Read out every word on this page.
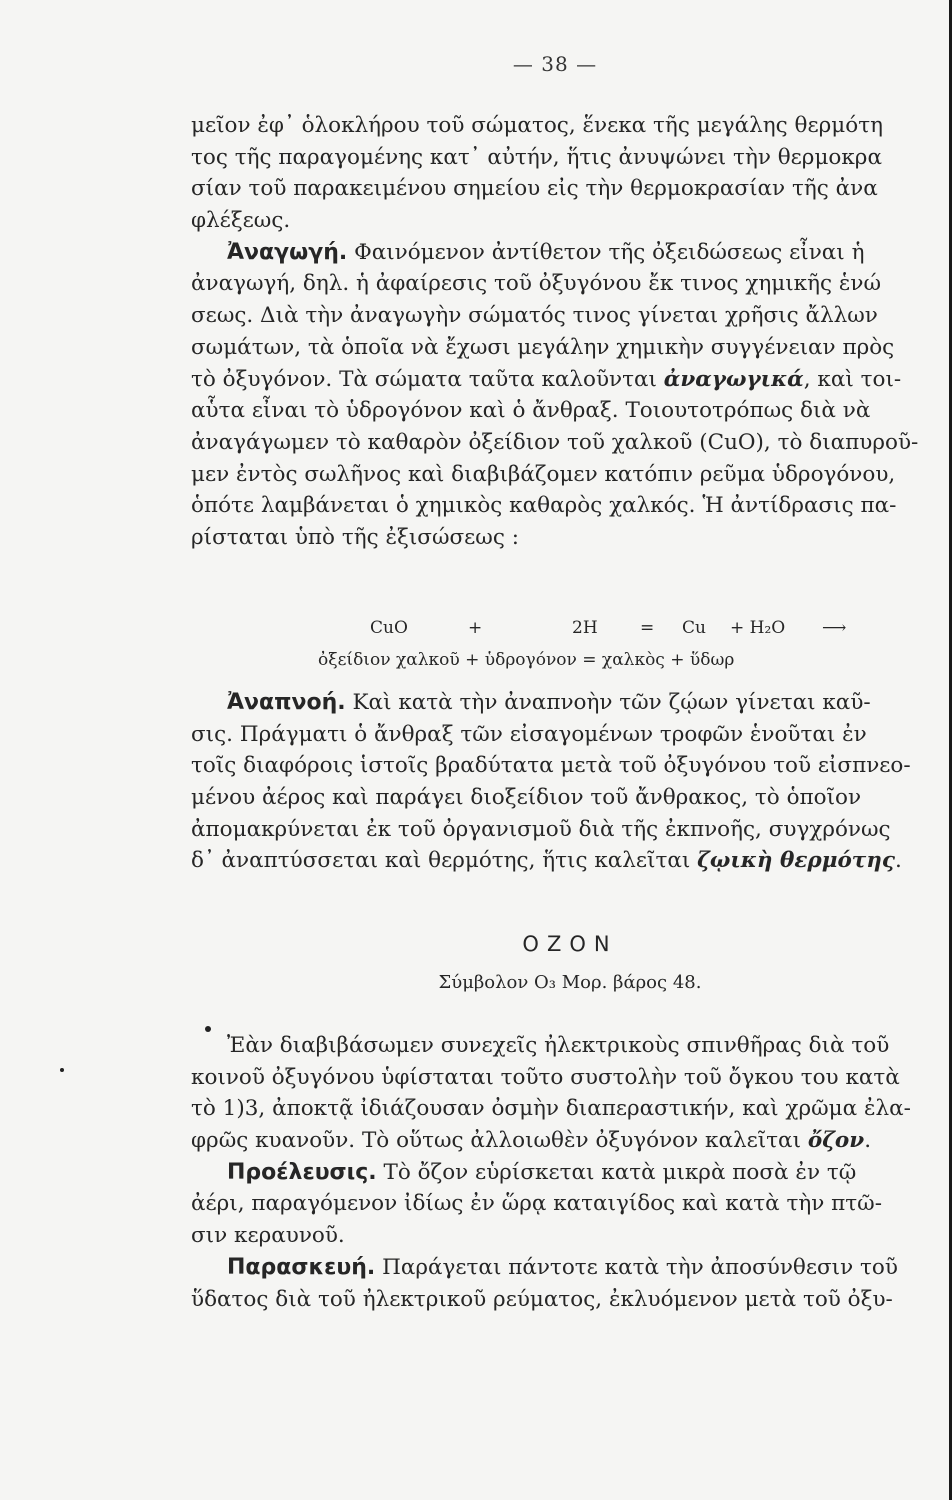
— 38 —
μεῖον ἐφ᾽ ὁλοκλήρου τοῦ σώματος, ἕνεκα τῆς μεγάλης θερμότη
τος τῆς παραγομένης κατ᾽ αὐτήν, ἥτις ἀνυψώνει τὴν θερμοκρα
σίαν τοῦ παρακειμένου σημείου εἰς τὴν θερμοκρασίαν τῆς ἀνα
φλέξεως.
Ἀναγωγή. Φαινόμενον ἀντίθετον τῆς ὀξειδώσεως εἶναι ἡ
ἀναγωγή, δηλ. ἡ ἀφαίρεσις τοῦ ὀξυγόνου ἔκ τινος χημικῆς ἑνώ
σεως. Διὰ τὴν ἀναγωγὴν σώματός τινος γίνεται χρῆσις ἄλλων
σωμάτων, τὰ ὁποῖα νὰ ἔχωσι μεγάλην χημικὴν συγγένειαν πρὸς
τὸ ὀξυγόνον. Τὰ σώματα ταῦτα καλοῦνται ἀναγωγικά, καὶ τοι-
αὗτα εἶναι τὸ ὑδρογόνον καὶ ὁ ἄνθραξ. Τοιουτοτρόπως διὰ νὰ
ἀναγάγωμεν τὸ καθαρὸν ὀξείδιον τοῦ χαλκοῦ (CuO), τὸ διαπυροῦ-
μεν ἐντὸς σωλῆνος καὶ διαβιβάζομεν κατόπιν ρεῦμα ὑδρογόνου,
ὁπότε λαμβάνεται ὁ χημικὸς καθαρὸς χαλκός. Ἡ ἀντίδρασις πα-
ρίσταται ὑπὸ τῆς ἐξισώσεως :
CuO	+	2H = Cu + H₂O ⟶
ὀξείδιον χαλκοῦ + ὑδρογόνον = χαλκὸς + ὕδωρ
Ἀναπνοή. Καὶ κατὰ τὴν ἀναπνοὴν τῶν ζῴων γίνεται καῦ-
σις. Πράγματι ὁ ἄνθραξ τῶν εἰσαγομένων τροφῶν ἑνοῦται ἐν
τοῖς διαφόροις ἱστοῖς βραδύτατα μετὰ τοῦ ὀξυγόνου τοῦ εἰσπνεο-
μένου ἀέρος καὶ παράγει διοξείδιον τοῦ ἄνθρακος, τὸ ὁποῖον
ἀπομακρύνεται ἐκ τοῦ ὀργανισμοῦ διὰ τῆς ἐκπνοῆς, συγχρόνως
δ᾽ ἀναπτύσσεται καὶ θερμότης, ἥτις καλεῖται ζῳικὴ θερμότης.
ΟΖΟΝ
Σύμβολον O₃ Μορ. βάρος 48.
Ἐὰν διαβιβάσωμεν συνεχεῖς ἠλεκτρικοὺς σπινθῆρας διὰ τοῦ
κοινοῦ ὀξυγόνου ὑφίσταται τοῦτο συστολὴν τοῦ ὄγκου του κατὰ
τὸ 1)3, ἀποκτᾷ ἰδιάζουσαν ὀσμὴν διαπεραστικήν, καὶ χρῶμα ἐλα-
φρῶς κυανοῦν. Τὸ οὕτως ἀλλοιωθὲν ὀξυγόνον καλεῖται ὄζον.
Προέλευσις. Τὸ ὄζον εὑρίσκεται κατὰ μικρὰ ποσὰ ἐν τῷ
ἀέρι, παραγόμενον ἰδίως ἐν ὥρᾳ καταιγίδος καὶ κατὰ τὴν πτῶ-
σιν κεραυνοῦ.
Παρασκευή. Παράγεται πάντοτε κατὰ τὴν ἀποσύνθεσιν τοῦ
ὕδατος διὰ τοῦ ἠλεκτρικοῦ ρεύματος, ἐκλυόμενον μετὰ τοῦ ὀξυ-
